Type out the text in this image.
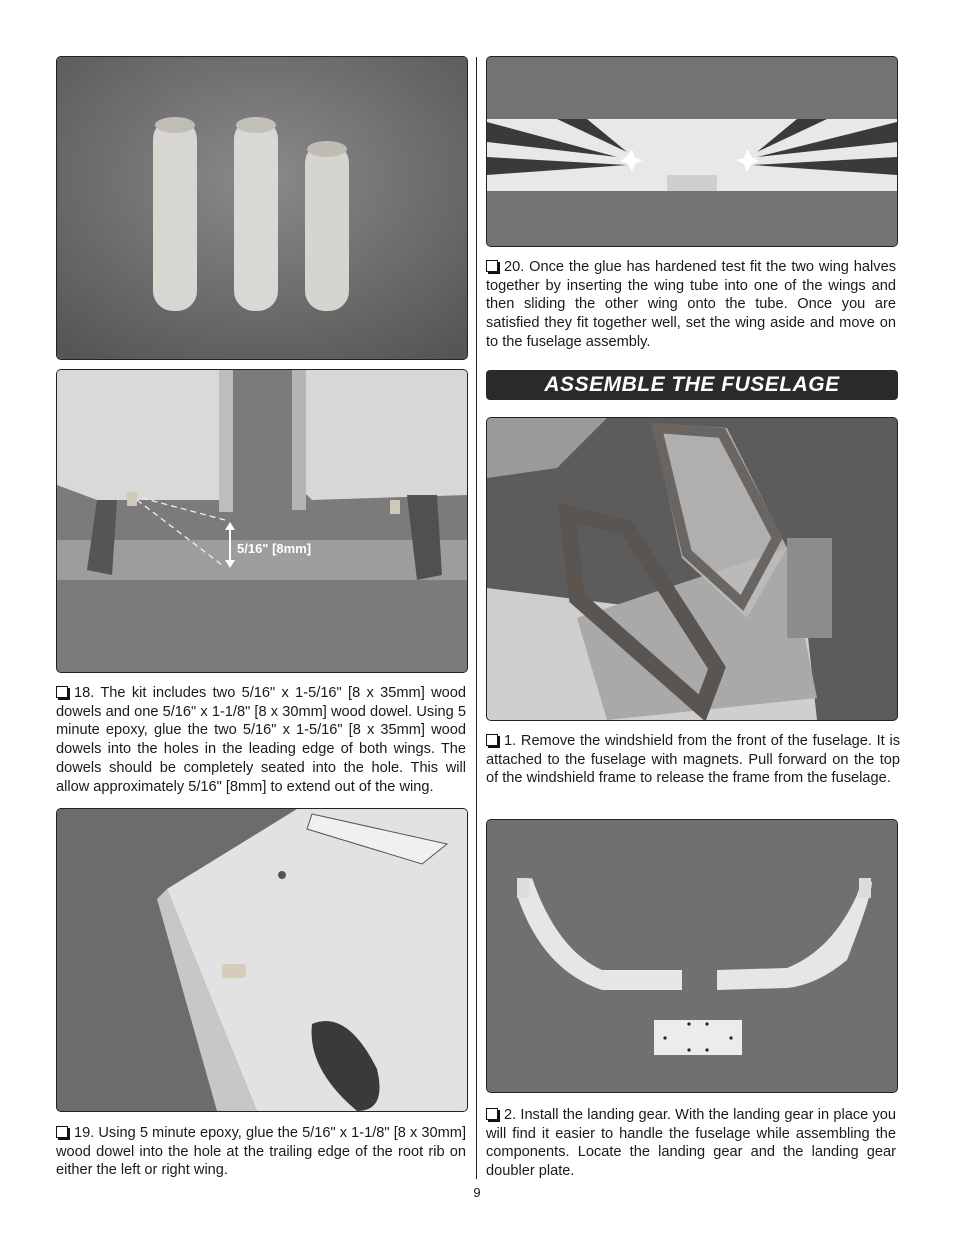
5/16" [8mm]

18. The kit includes two 5/16" x 1-5/16" [8 x 35mm] wood dowels and one 5/16" x 1-1/8" [8 x 30mm] wood dowel. Using 5 minute epoxy, glue the two 5/16" x 1-5/16" [8 x 35mm] wood dowels into the holes in the leading edge of both wings. The dowels should be completely seated into the hole. This will allow approximately 5/16" [8mm] to extend out of the wing.

19. Using 5 minute epoxy, glue the 5/16" x 1-1/8" [8 x 30mm] wood dowel into the hole at the trailing edge of the root rib on either the left or right wing.

20. Once the glue has hardened test fit the two wing halves together by inserting the wing tube into one of the wings and then sliding the other wing onto the tube. Once you are satisfied they fit together well, set the wing aside and move on to the fuselage assembly.

ASSEMBLE THE FUSELAGE

1. Remove the windshield from the front of the fuselage. It is attached to the fuselage with magnets. Pull forward on the top of the windshield frame to release the frame from the fuselage.

2. Install the landing gear. With the landing gear in place you will find it easier to handle the fuselage while assembling the components. Locate the landing gear and the landing gear doubler plate.

9
